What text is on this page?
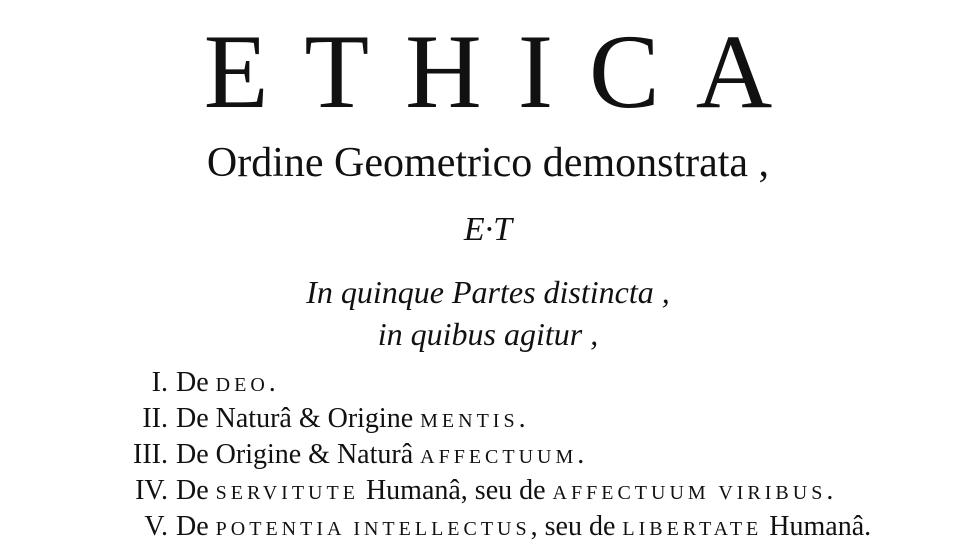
ETHICA
Ordine Geometrico demonstrata ,
E·T
In quinque Partes distincta ,
in quibus agitur ,
I. De DEO.
II. De Naturâ & Origine MENTIS.
III. De Origine & Naturâ AFFECTUUM.
IV. De SERVITUTE Humanâ, seu de AFFECTUUM VIRIBUS.
V. De POTENTIA INTELLECTUS, seu de LIBERTATE Humanâ.
